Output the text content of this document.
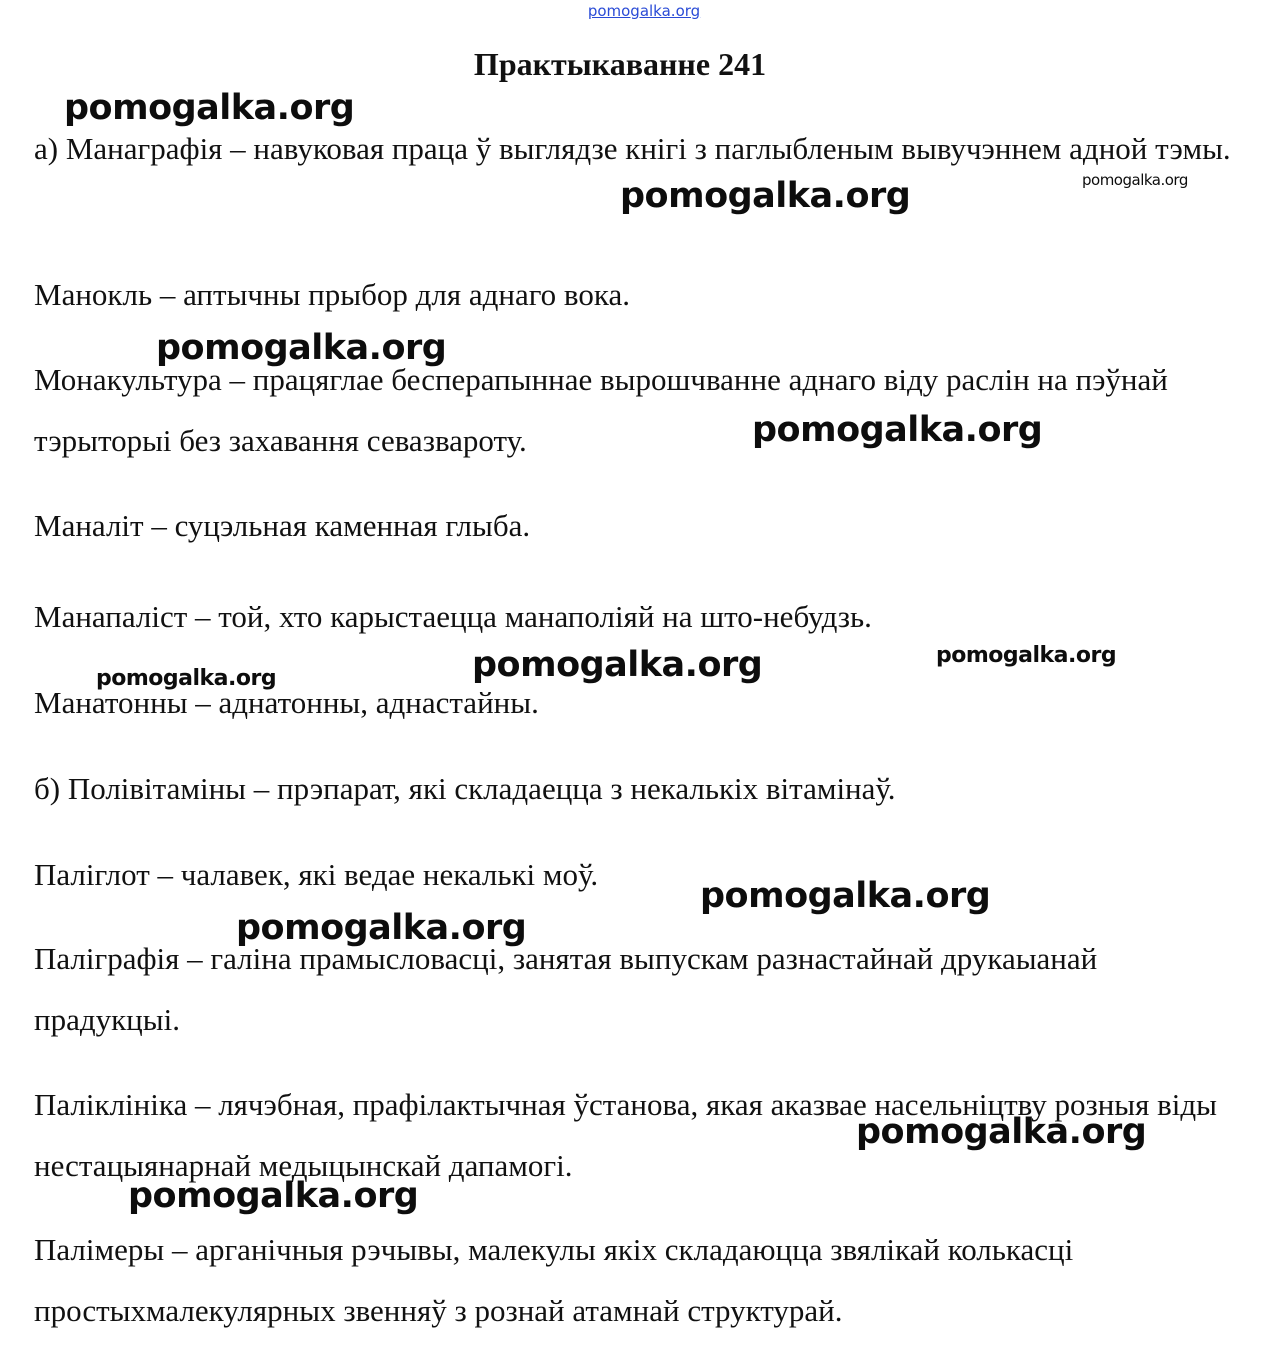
pomogalka.org
Практыкаванне 241

а) Манаграфія – навуковая праца ў выглядзе кнігі з паглыбленым вывучэннем адной тэмы.

Манокль – аптычны прыбор для аднаго вока.

Монакультура – працяглае бесперапыннае вырошчванне аднаго віду раслін на пэўнай тэрыторыі без захавання севазвароту.

Маналіт – суцэльная каменная глыба.

Манапаліст – той, хто карыстаецца манаполіяй на што-небудзь.

Манатонны – аднатонны, аднастайны.

б) Полівітаміны – прэпарат, які складаецца з некалькіх вітамінаў.

Паліглот – чалавек, які ведае некалькі моў.

Паліграфія – галіна прамысловасці, занятая выпускам разнастайнай друкаыанай прадукцыі.

Паліклініка – лячэбная, прафілактычная ўстанова, якая аказвае насельніцтву розныя віды нестацыянарнай медыцынскай дапамогі.

Палімеры – арганічныя рэчывы, малекулы якіх складаюцца звялікай колькасці простыхмалекулярных звенняў з рознай атамнай структурай.

pomogalka.org
pomogalka.org
pomogalka.org
pomogalka.org
pomogalka.org
pomogalka.org	pomogalka.org
pomogalka.org
pomogalka.org
pomogalka.org
pomogalka.org
pomogalka.org
